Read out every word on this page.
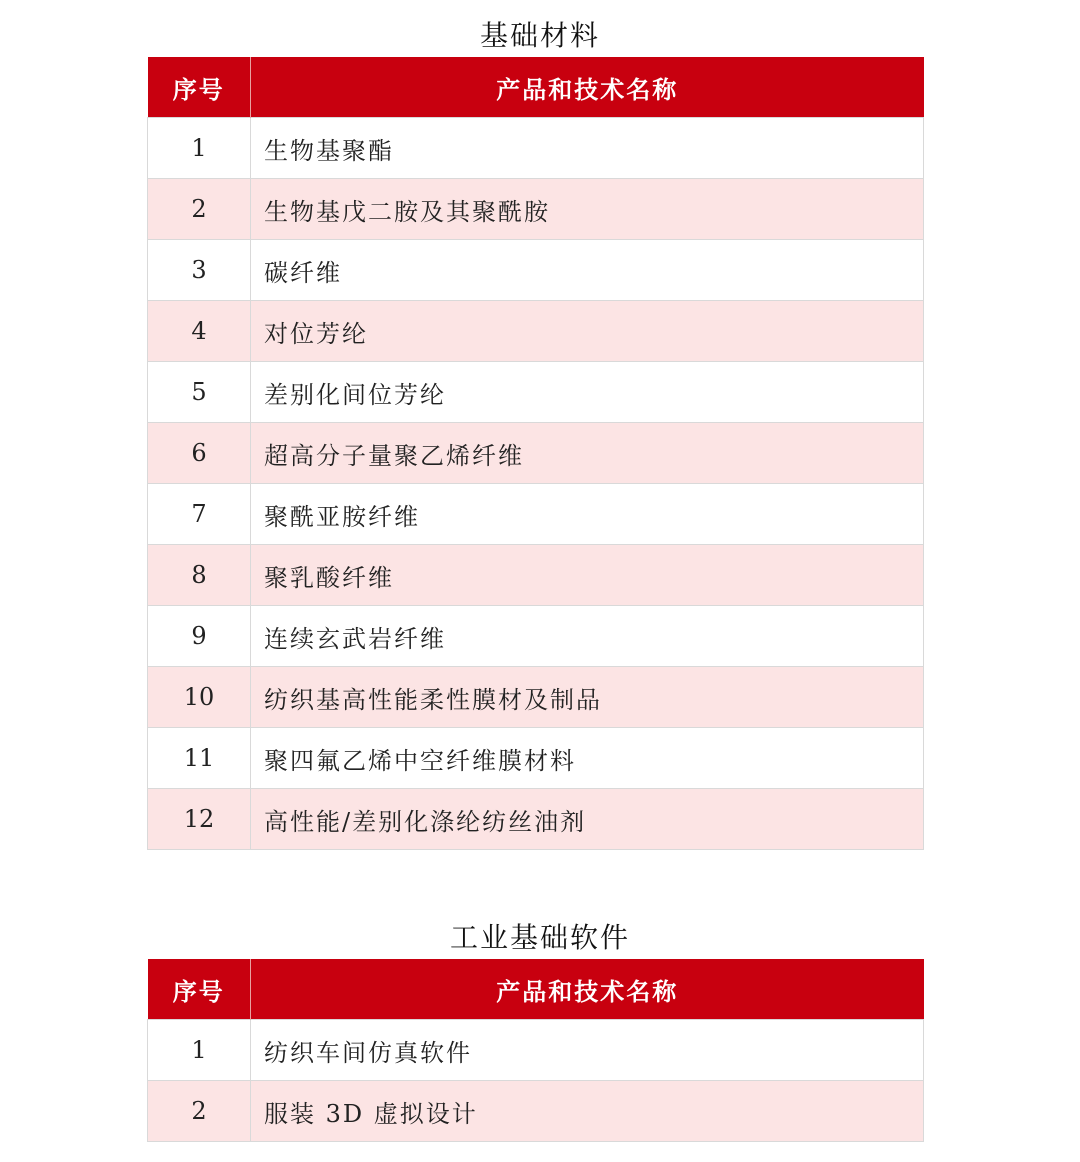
基础材料
序号	产品和技术名称
1	生物基聚酯
2	生物基戊二胺及其聚酰胺
3	碳纤维
4	对位芳纶
5	差别化间位芳纶
6	超高分子量聚乙烯纤维
7	聚酰亚胺纤维
8	聚乳酸纤维
9	连续玄武岩纤维
10	纺织基高性能柔性膜材及制品
11	聚四氟乙烯中空纤维膜材料
12	高性能/差别化涤纶纺丝油剂
工业基础软件
序号	产品和技术名称
1	纺织车间仿真软件
2	服装 3D 虚拟设计
